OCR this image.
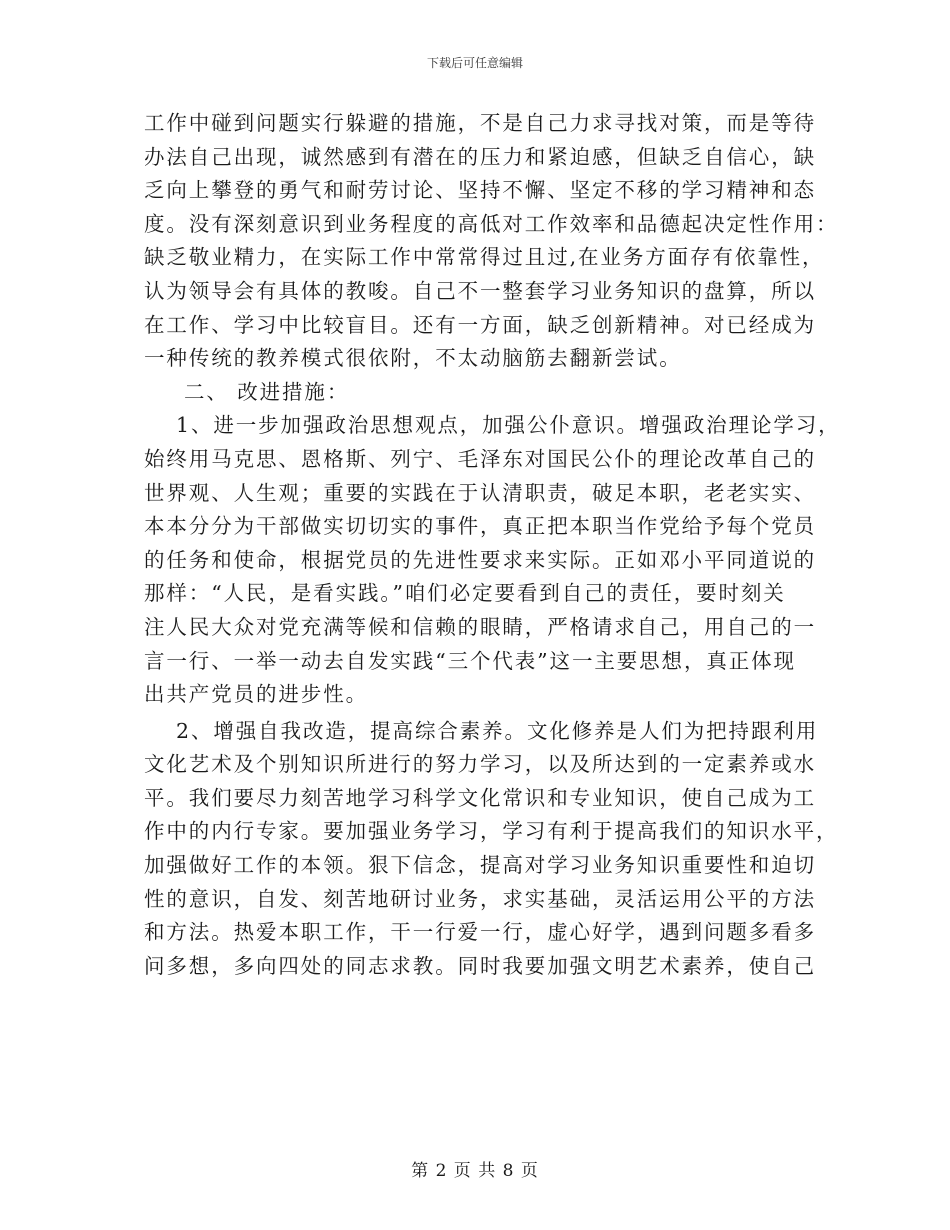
下载后可任意编辑
工作中碰到问题实行躲避的措施，不是自己力求寻找对策，而是等待
办法自己出现，诚然感到有潜在的压力和紧迫感，但缺乏自信心，缺
乏向上攀登的勇气和耐劳讨论、坚持不懈、坚定不移的学习精神和态
度。没有深刻意识到业务程度的高低对工作效率和品德起决定性作用：
缺乏敬业精力，在实际工作中常常得过且过,在业务方面存有依靠性，
认为领导会有具体的教唆。自己不一整套学习业务知识的盘算，所以
在工作、学习中比较盲目。还有一方面，缺乏创新精神。对已经成为
一种传统的教养模式很依附，不太动脑筋去翻新尝试。
二、 改进措施：
1、进一步加强政治思想观点，加强公仆意识。增强政治理论学习，
始终用马克思、恩格斯、列宁、毛泽东对国民公仆的理论改革自己的
世界观、人生观；重要的实践在于认清职责，破足本职，老老实实、
本本分分为干部做实切切实的事件，真正把本职当作党给予每个党员
的任务和使命，根据党员的先进性要求来实际。正如邓小平同道说的
那样：“人民，是看实践。”咱们必定要看到自己的责任，要时刻关
注人民大众对党充满等候和信赖的眼睛，严格请求自己，用自己的一
言一行、一举一动去自发实践“三个代表”这一主要思想，真正体现
出共产党员的进步性。
2、增强自我改造，提高综合素养。文化修养是人们为把持跟利用
文化艺术及个别知识所进行的努力学习，以及所达到的一定素养或水
平。我们要尽力刻苦地学习科学文化常识和专业知识，使自己成为工
作中的内行专家。要加强业务学习，学习有利于提高我们的知识水平，
加强做好工作的本领。狠下信念，提高对学习业务知识重要性和迫切
性的意识，自发、刻苦地研讨业务，求实基础，灵活运用公平的方法
和方法。热爱本职工作，干一行爱一行，虚心好学，遇到问题多看多
问多想，多向四处的同志求教。同时我要加强文明艺术素养，使自己
第 2 页 共 8 页
